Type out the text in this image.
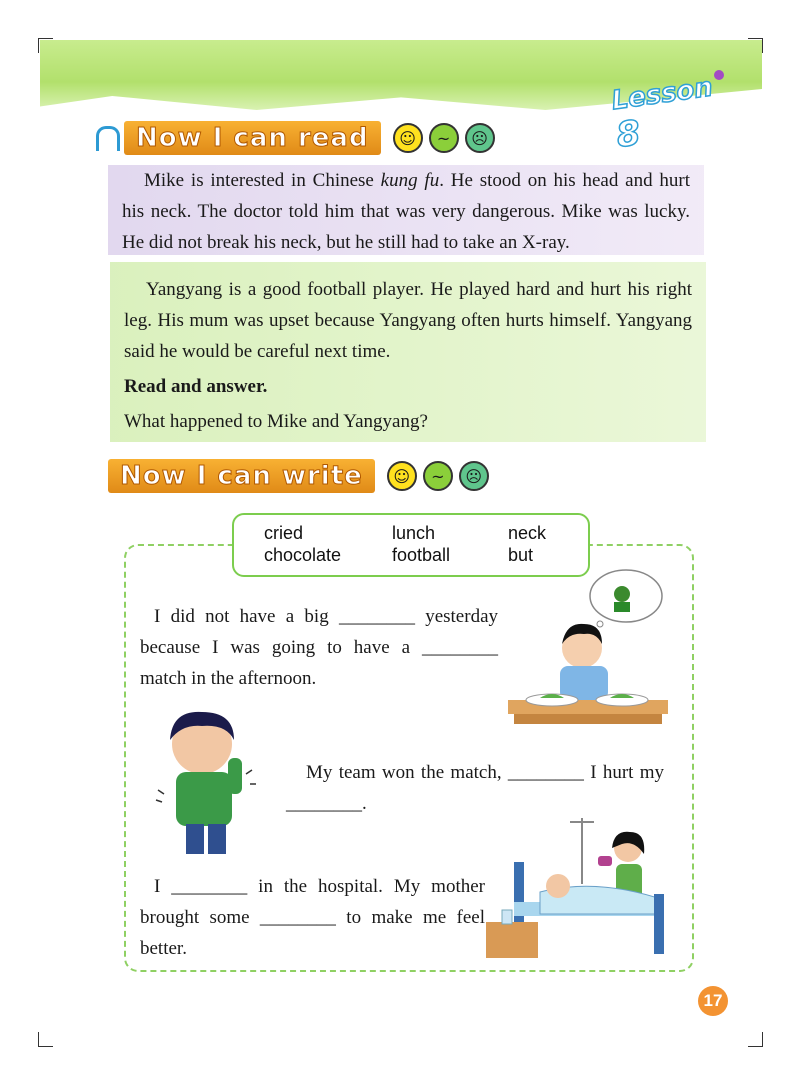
Lesson 8
Now I can read	☺	~	☹

Mike is interested in Chinese kung fu. He stood on his head and hurt his neck. The doctor told him that was very dangerous. Mike was lucky. He did not break his neck, but he still had to take an X-ray.

Yangyang is a good football player. He played hard and hurt his right leg. His mum was upset because Yangyang often hurts himself. Yangyang said he would be careful next time.

Read and answer.

What happened to Mike and Yangyang?

Now I can write	☺	~	☹
cried	lunch	neck
chocolate	football	but

I did not have a big ________ yesterday because I was going to have a ________ match in the afternoon.

My team won the match, ________ I hurt my ________.

I ________ in the hospital. My mother brought some ________ to make me feel better.

17
